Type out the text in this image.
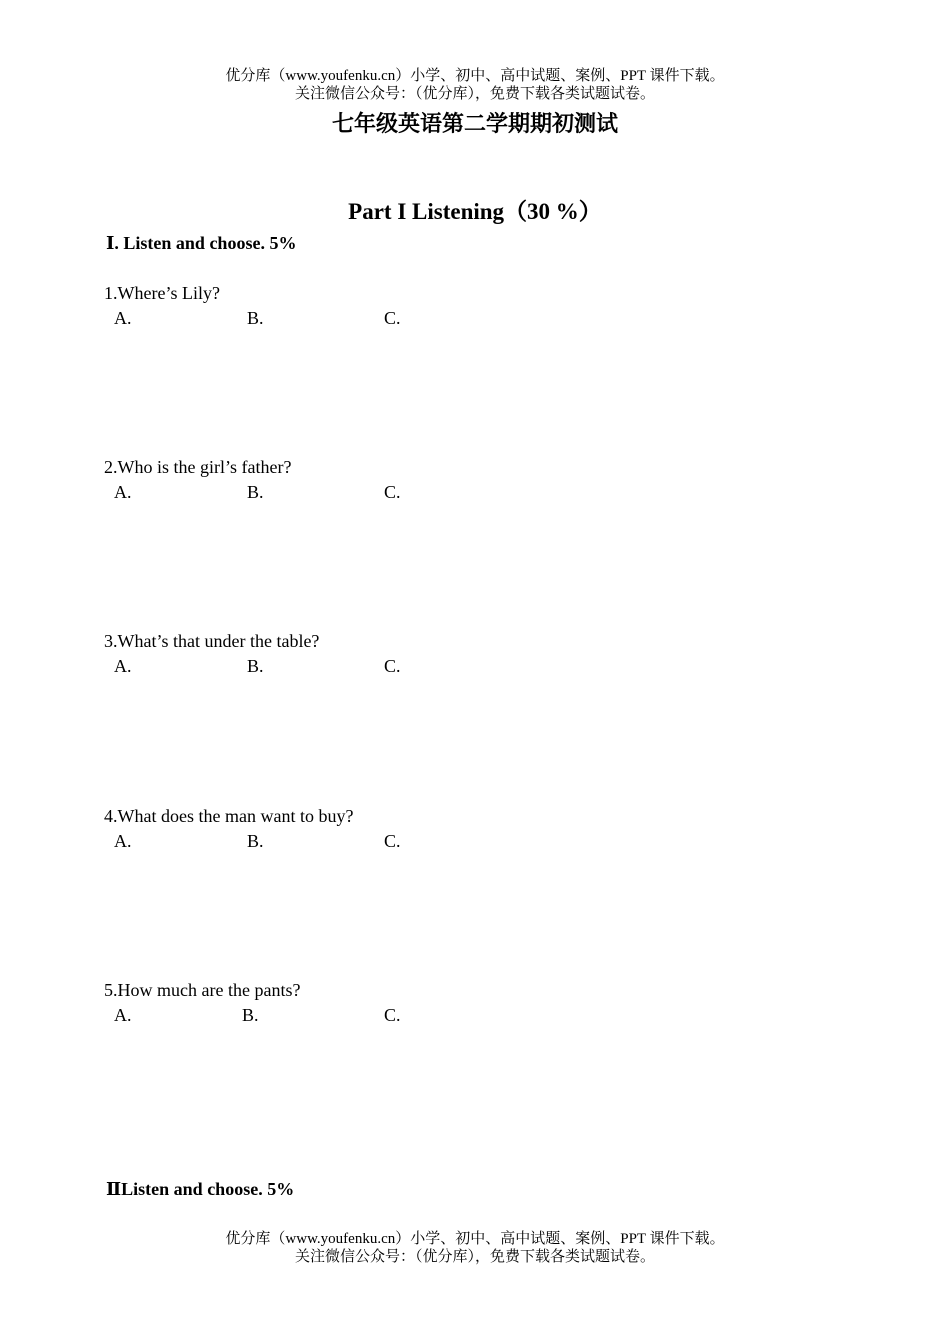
优分库（www.youfenku.cn）小学、初中、高中试题、案例、PPT 课件下载。
关注微信公众号：（优分库），免费下载各类试题试卷。
七年级英语第二学期期初测试
Part I Listening（30 %）
Ⅰ. Listen and choose. 5%
1.Where’s Lily?
A.	B.	C.
2.Who is the girl’s father?
A.	B.	C.
3.What’s that under the table?
A.	B.	C.
4.What does the man want to buy?
A.	B.	C.
5.How much are the pants?
A.	B.	C.
ⅡListen and choose. 5%
优分库（www.youfenku.cn）小学、初中、高中试题、案例、PPT 课件下载。
关注微信公众号：（优分库），免费下载各类试题试卷。
